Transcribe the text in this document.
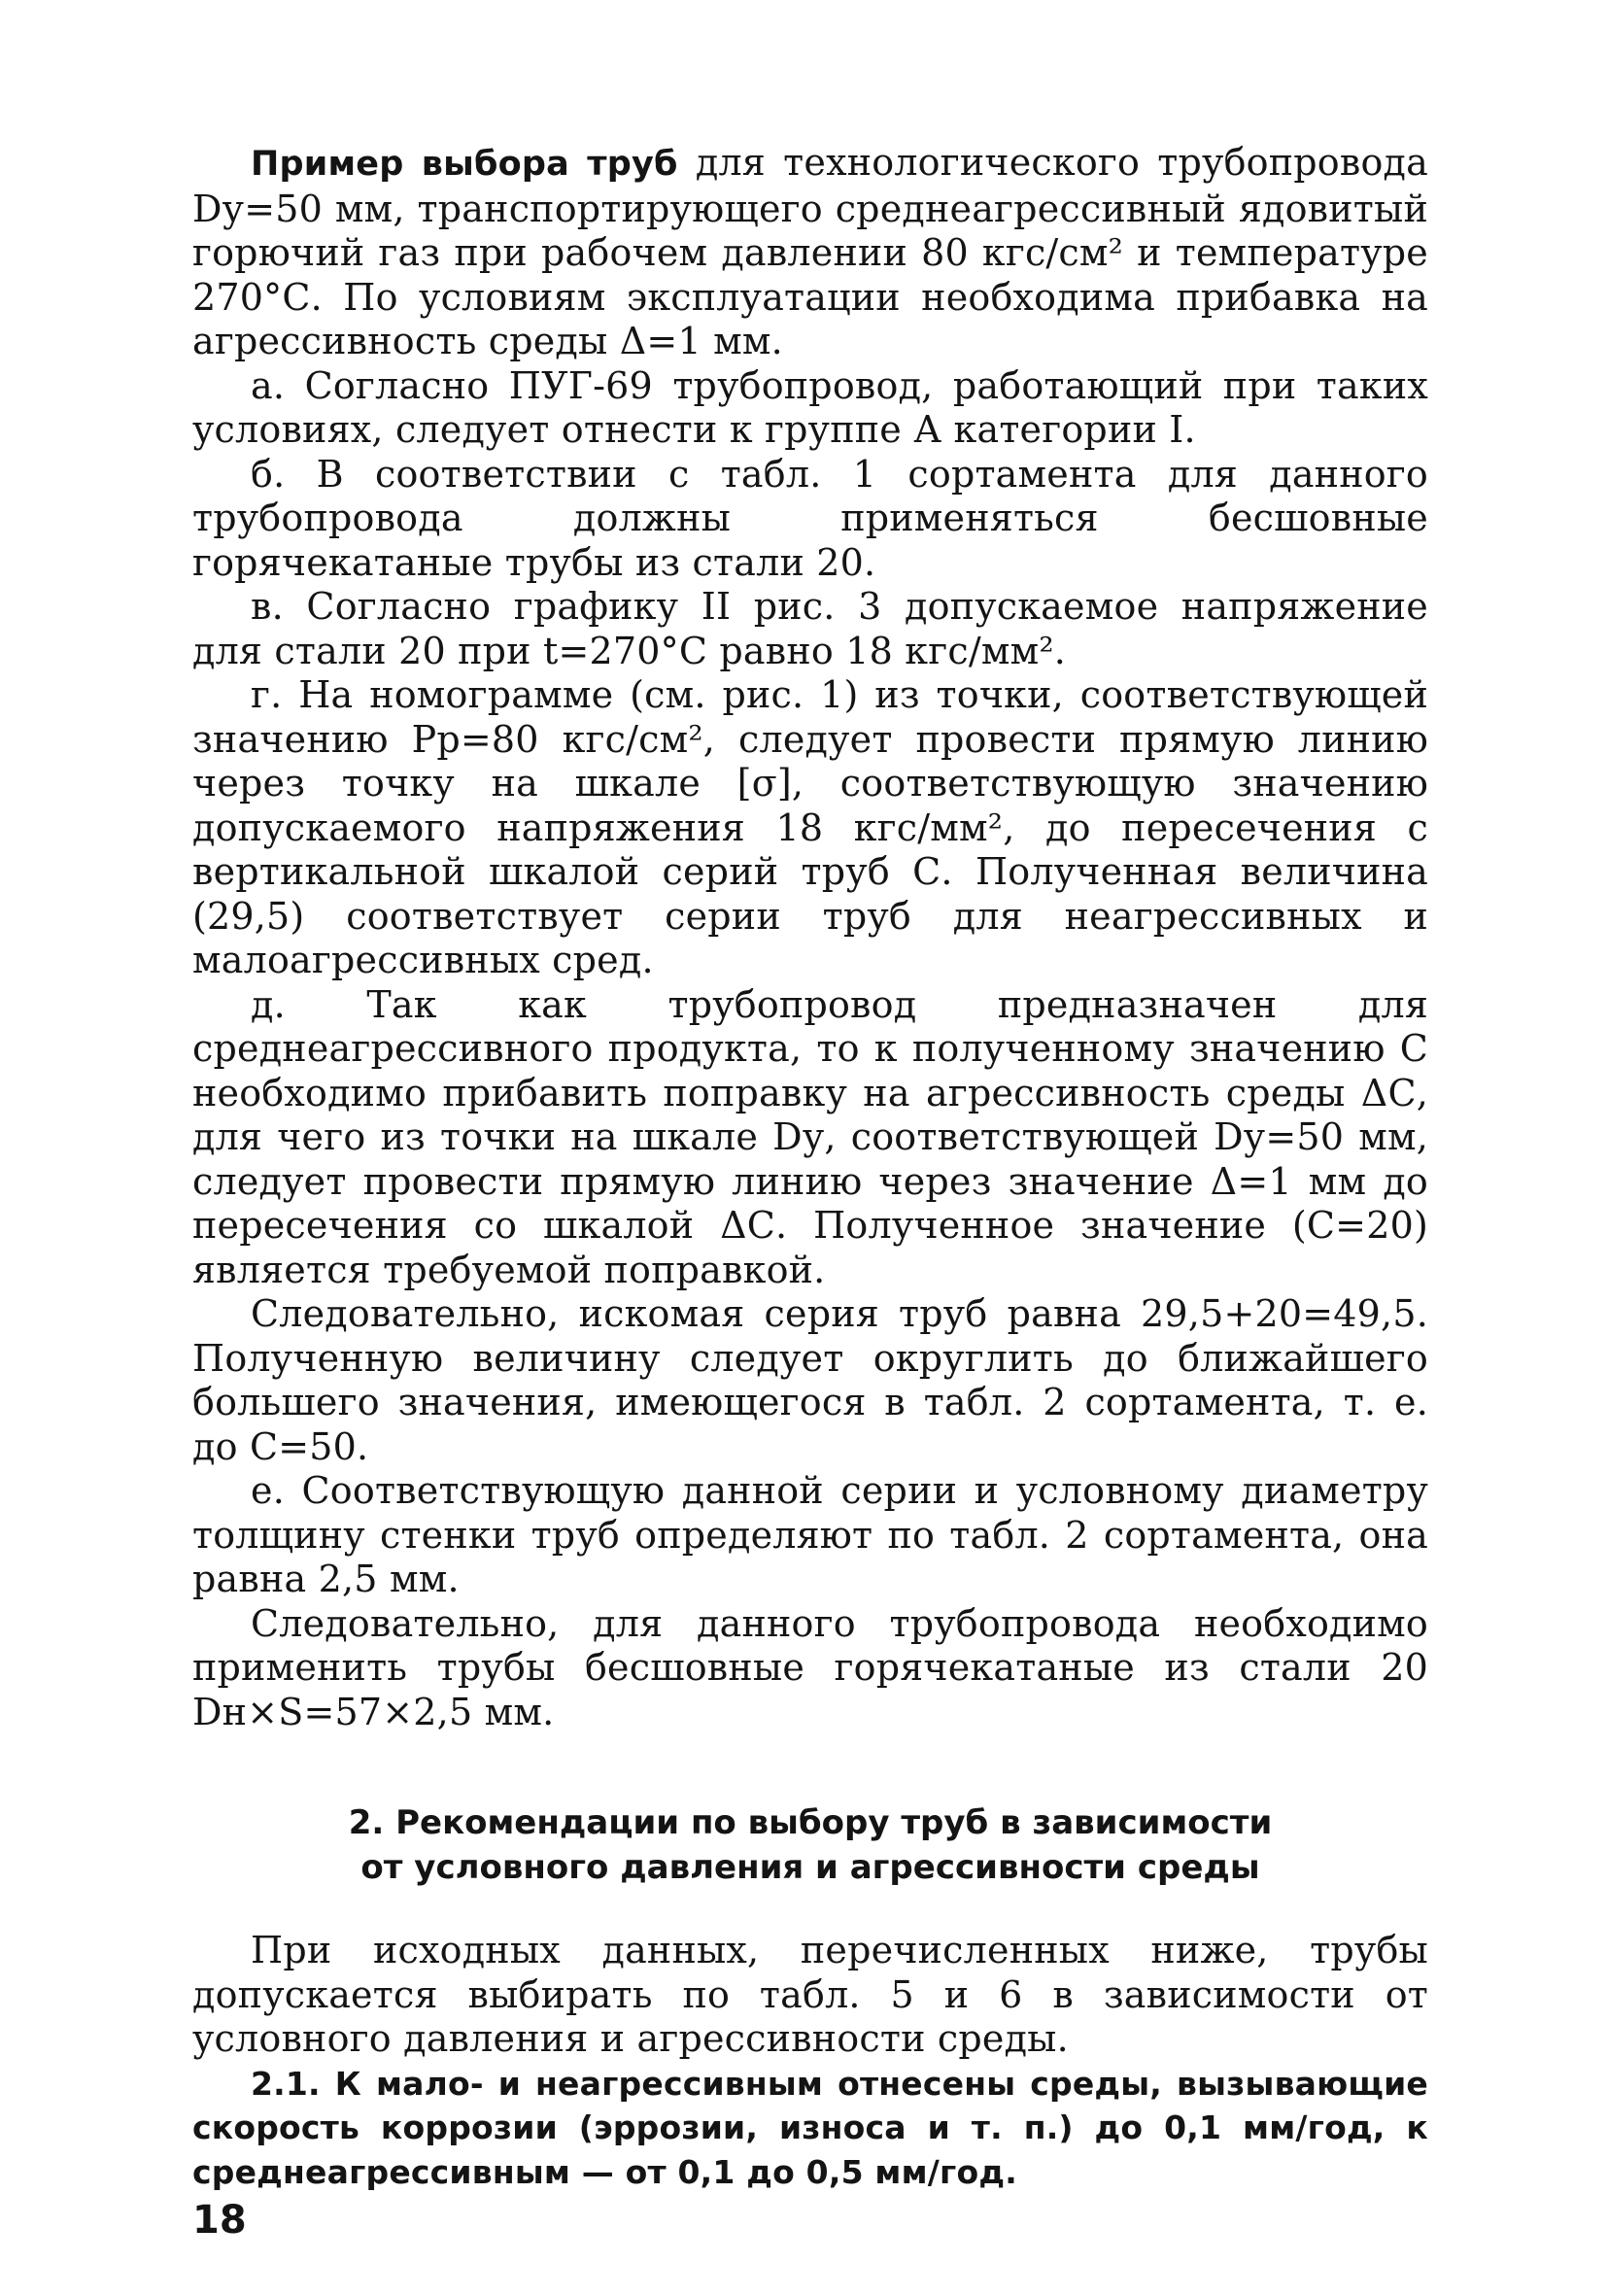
Пример выбора труб для технологического трубопровода Dу=50 мм, транспортирующего среднеагрессивный ядовитый горючий газ при рабочем давлении 80 кгс/см² и температуре 270°С. По условиям эксплуатации необходима прибавка на агрессивность среды Δ=1 мм.

а. Согласно ПУГ-69 трубопровод, работающий при таких условиях, следует отнести к группе А категории I.

б. В соответствии с табл. 1 сортамента для данного трубопровода должны применяться бесшовные горячекатаные трубы из стали 20.

в. Согласно графику II рис. 3 допускаемое напряжение для стали 20 при t=270°С равно 18 кгс/мм².

г. На номограмме (см. рис. 1) из точки, соответствующей значению Рр=80 кгс/см², следует провести прямую линию через точку на шкале [σ], соответствующую значению допускаемого напряжения 18 кгс/мм², до пересечения с вертикальной шкалой серий труб С. Полученная величина (29,5) соответствует серии труб для неагрессивных и малоагрессивных сред.

д. Так как трубопровод предназначен для среднеагрессивного продукта, то к полученному значению С необходимо прибавить поправку на агрессивность среды ΔС, для чего из точки на шкале Dу, соответствующей Dу=50 мм, следует провести прямую линию через значение Δ=1 мм до пересечения со шкалой ΔС. Полученное значение (С=20) является требуемой поправкой.

Следовательно, искомая серия труб равна 29,5+20=49,5. Полученную величину следует округлить до ближайшего большего значения, имеющегося в табл. 2 сортамента, т. е. до С=50.

е. Соответствующую данной серии и условному диаметру толщину стенки труб определяют по табл. 2 сортамента, она равна 2,5 мм.

Следовательно, для данного трубопровода необходимо применить трубы бесшовные горячекатаные из стали 20 Dн×S=57×2,5 мм.

2. Рекомендации по выбору труб в зависимости
от условного давления и агрессивности среды

При исходных данных, перечисленных ниже, трубы допускается выбирать по табл. 5 и 6 в зависимости от условного давления и агрессивности среды.

2.1. К мало- и неагрессивным отнесены среды, вызывающие скорость коррозии (эррозии, износа и т. п.) до 0,1 мм/год, к среднеагрессивным — от 0,1 до 0,5 мм/год.

18
